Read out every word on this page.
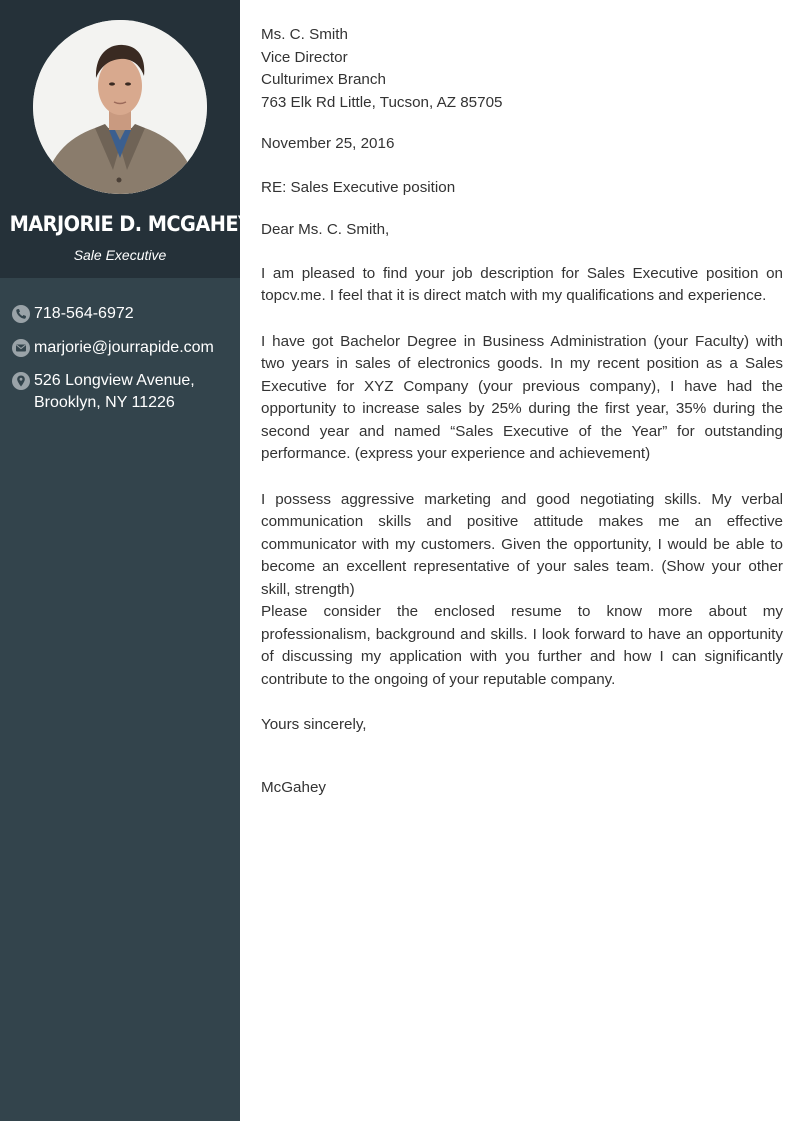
MARJORIE D. MCGAHEY
Sale Executive
718-564-6972
marjorie@jourrapide.com
526 Longview Avenue,
Brooklyn, NY 11226

Ms. C. Smith

Vice Director

Culturimex Branch

763 Elk Rd Little, Tucson, AZ 85705

November 25, 2016

RE: Sales Executive position

Dear Ms. C. Smith,

I am pleased to find your job description for Sales Executive position on topcv.me. I feel that it is direct match with my qualifications and experience.

I have got Bachelor Degree in Business Administration (your Faculty) with two years in sales of electronics goods. In my recent position as a Sales Executive for XYZ Company (your previous company), I have had the opportunity to increase sales by 25% during the first year, 35% during the second year and named “Sales Executive of the Year” for outstanding performance. (express your experience and achievement)

I possess aggressive marketing and good negotiating skills. My verbal communication skills and positive attitude makes me an effective communicator with my customers. Given the opportunity, I would be able to become an excellent representative of your sales team. (Show your other skill, strength)

Please consider the enclosed resume to know more about my professionalism, background and skills. I look forward to have an opportunity of discussing my application with you further and how I can significantly contribute to the ongoing of your reputable company.

Yours sincerely,

McGahey
